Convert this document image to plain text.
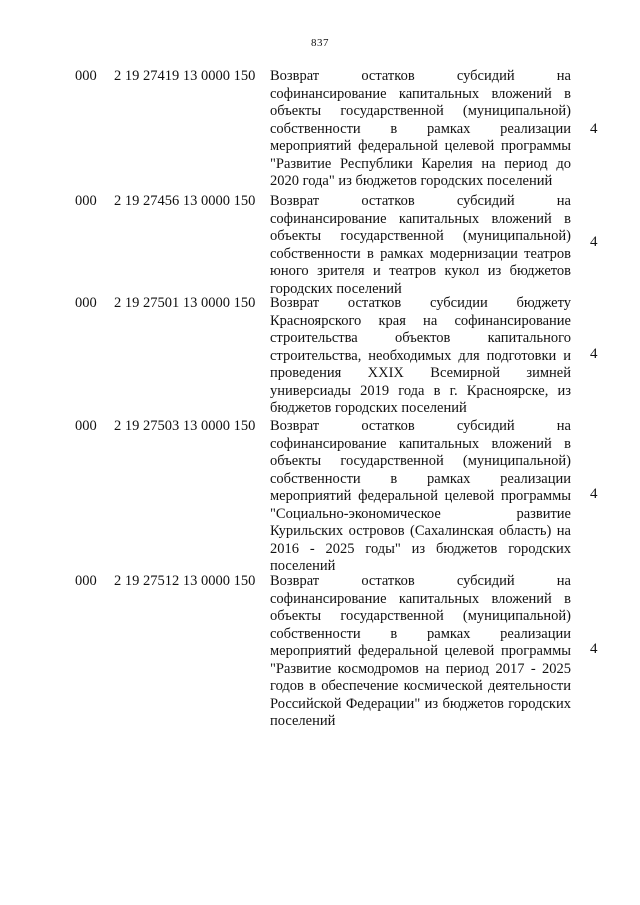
837
000 2 19 27419 13 0000 150 Возврат остатков субсидий на софинансирование капитальных вложений в объекты государственной (муниципальной) собственности в рамках реализации мероприятий федеральной целевой программы "Развитие Республики Карелия на период до 2020 года" из бюджетов городских поселений
4
000 2 19 27456 13 0000 150 Возврат остатков субсидий на софинансирование капитальных вложений в объекты государственной (муниципальной) собственности в рамках модернизации театров юного зрителя и театров кукол из бюджетов городских поселений
4
000 2 19 27501 13 0000 150 Возврат остатков субсидии бюджету Красноярского края на софинансирование строительства объектов капитального строительства, необходимых для подготовки и проведения XXIX Всемирной зимней универсиады 2019 года в г. Красноярске, из бюджетов городских поселений
4
000 2 19 27503 13 0000 150 Возврат остатков субсидий на софинансирование капитальных вложений в объекты государственной (муниципальной) собственности в рамках реализации мероприятий федеральной целевой программы "Социально-экономическое развитие Курильских островов (Сахалинская область) на 2016 - 2025 годы" из бюджетов городских поселений
4
000 2 19 27512 13 0000 150 Возврат остатков субсидий на софинансирование капитальных вложений в объекты государственной (муниципальной) собственности в рамках реализации мероприятий федеральной целевой программы "Развитие космодромов на период 2017 - 2025 годов в обеспечение космической деятельности Российской Федерации" из бюджетов городских поселений
4
